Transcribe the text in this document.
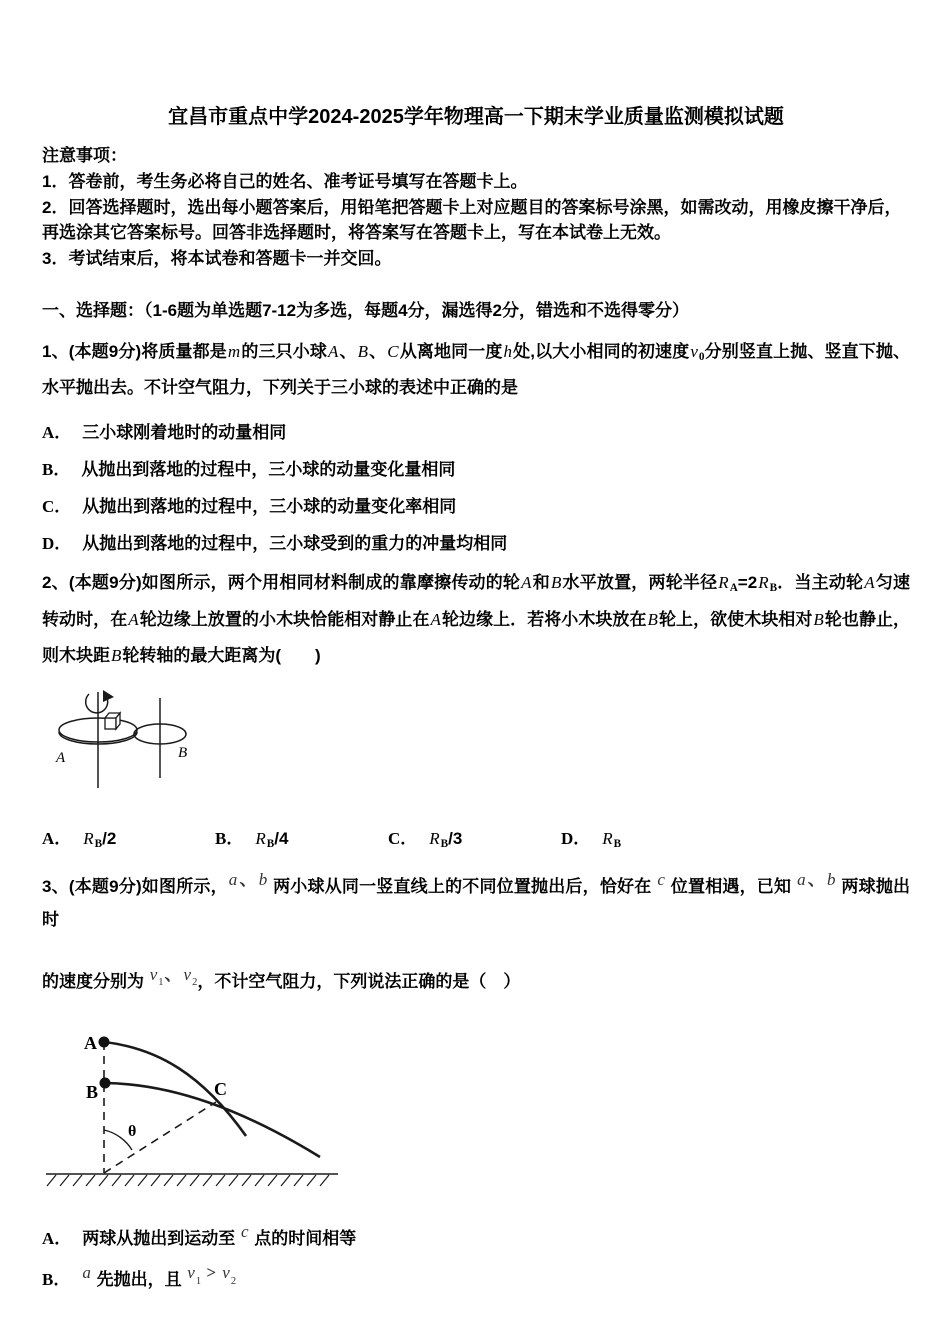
宜昌市重点中学2024-2025学年物理高一下期末学业质量监测模拟试题

注意事项：

1．答卷前，考生务必将自己的姓名、准考证号填写在答题卡上。

2．回答选择题时，选出每小题答案后，用铅笔把答题卡上对应题目的答案标号涂黑，如需改动，用橡皮擦干净后，再选涂其它答案标号。回答非选择题时，将答案写在答题卡上，写在本试卷上无效。

3．考试结束后，将本试卷和答题卡一并交回。

一、选择题：（1-6题为单选题7-12为多选，每题4分，漏选得2分，错选和不选得零分）

1、(本题9分)将质量都是m的三只小球A、B、C从离地同一度h处,以大小相同的初速度v0分别竖直上抛、竖直下抛、水平抛出去。不计空气阻力，下列关于三小球的表述中正确的是

A． 三小球刚着地时的动量相同
B． 从抛出到落地的过程中，三小球的动量变化量相同
C． 从抛出到落地的过程中，三小球的动量变化率相同
D． 从抛出到落地的过程中，三小球受到的重力的冲量均相同

2、(本题9分)如图所示，两个用相同材料制成的靠摩擦传动的轮A和B水平放置，两轮半径RA=2RB．当主动轮A匀速转动时，在A轮边缘上放置的小木块恰能相对静止在A轮边缘上．若将小木块放在B轮上，欲使木块相对B轮也静止，则木块距B轮转轴的最大距离为(　　)

A	B
A． RB/2	B． RB/4	C． RB/3	D． RB

3、(本题9分)如图所示，a 、 b 两小球从同一竖直线上的不同位置抛出后，恰好在 c 位置相遇，已知 a 、 b 两球抛出时

的速度分别为 v1、 v2，不计空气阻力，下列说法正确的是（　）

A
B	C
θ
A． 两球从抛出到运动至 c 点的时间相等
B． a 先抛出，且 v1 > v2
